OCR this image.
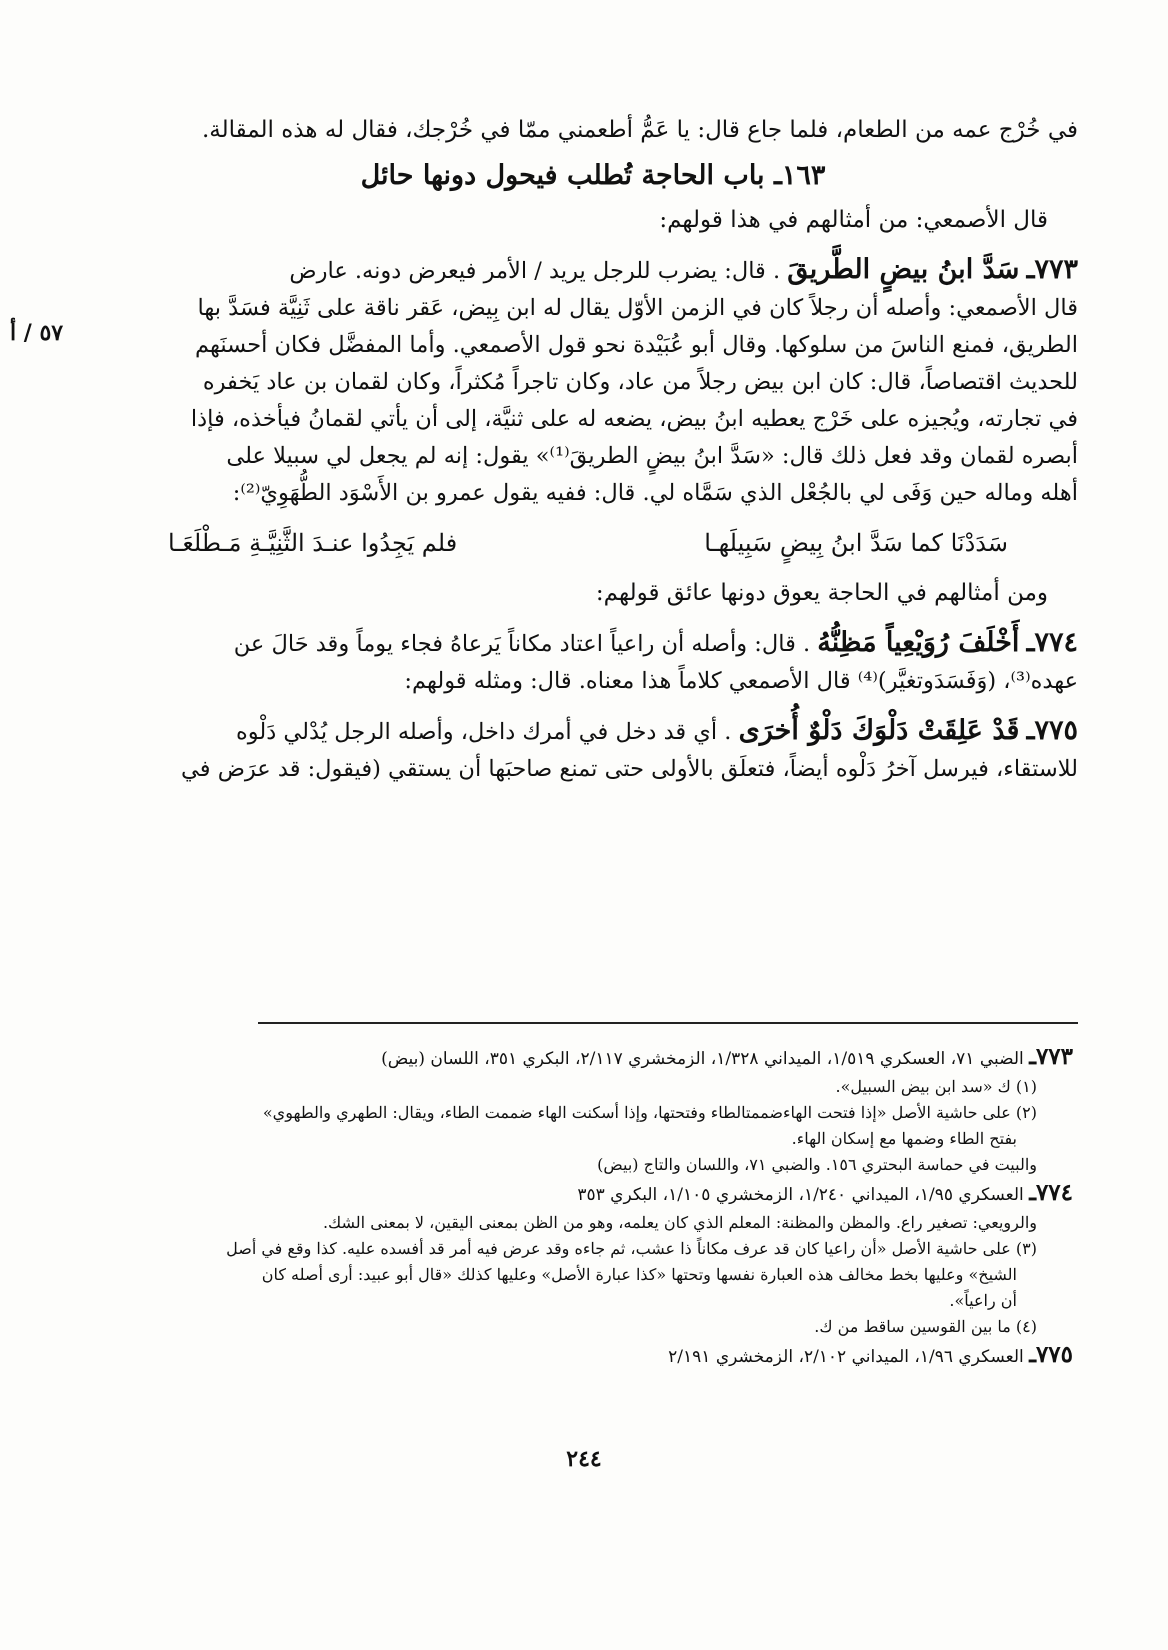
٥٧ / أ
في خُرْج عمه من الطعام، فلما جاع قال: يا عَمُّ أطعمني ممّا في خُرْجك، فقال له هذه المقالة.
١٦٣ـ باب الحاجة تُطلب فيحول دونها حائل
قال الأصمعي: من أمثالهم في هذا قولهم:
٧٧٣ـ سَدَّ ابنُ بيضٍ الطَّريقَ . قال: يضرب للرجل يريد / الأمر فيعرض دونه. عارض
قال الأصمعي: وأصله أن رجلاً كان في الزمن الأوّل يقال له ابن بِيض، عَقر ناقة على ثَنِيَّة فسَدَّ بها
الطريق، فمنع الناسَ من سلوكها. وقال أبو عُبَيْدة نحو قول الأصمعي. وأما المفضَّل فكان أحسنَهم
للحديث اقتصاصاً، قال: كان ابن بيض رجلاً من عاد، وكان تاجراً مُكثراً، وكان لقمان بن عاد يَخفره
في تجارته، ويُجيزه على خَرْج يعطيه ابنُ بيض، يضعه له على ثنيَّة، إلى أن يأتي لقمانُ فيأخذه، فإذا
أبصره لقمان وقد فعل ذلك قال: «سَدَّ ابنُ بيضٍ الطريقَ⁽¹⁾» يقول: إنه لم يجعل لي سبيلا على
أهله وماله حين وَفَى لي بالجُعْل الذي سَمَّاه لي. قال: ففيه يقول عمرو بن الأَسْوَد الطُّهَوِيّ⁽²⁾:
سَدَدْنَا كما سَدَّ ابنُ بِيضٍ سَبِيلَهـا
فلم يَجِدُوا عنـدَ الثَّنِيَّـةِ مَـطْلَعَـا
ومن أمثالهم في الحاجة يعوق دونها عائق قولهم:
٧٧٤ـ أَخْلَفَ رُوَيْعِياً مَظِنُّهُ . قال: وأصله أن راعياً اعتاد مكاناً يَرعاهُ فجاء يوماً وقد حَالَ عن
عهده⁽³⁾، (وَفَسَدَوتغيَّر)⁽⁴⁾ قال الأصمعي كلاماً هذا معناه. قال: ومثله قولهم:
٧٧٥ـ قَدْ عَلِقَتْ دَلْوَكَ دَلْوٌ أُخرَى . أي قد دخل في أمرك داخل، وأصله الرجل يُدْلي دَلْوه
للاستقاء، فيرسل آخرُ دَلْوه أيضاً، فتعلَق بالأولى حتى تمنع صاحبَها أن يستقي (فيقول: قد عرَض في
٧٧٣ـ الضبي ٧١، العسكري ١/٥١٩، الميداني ١/٣٢٨، الزمخشري ٢/١١٧، البكري ٣٥١، اللسان (بيض)
(١) ك «سد ابن بيض السبيل».
(٢) على حاشية الأصل «إذا فتحت الهاءضممتالطاء وفتحتها، وإذا أسكنت الهاء ضممت الطاء، ويقال: الطهري والطهوي»
بفتح الطاء وضمها مع إسكان الهاء.
والبيت في حماسة البحتري ١٥٦. والضبي ٧١، واللسان والتاج (بيض)
٧٧٤ـ العسكري ١/٩٥، الميداني ١/٢٤٠، الزمخشري ١/١٠٥، البكري ٣٥٣
والرويعي: تصغير راع. والمظن والمظنة: المعلم الذي كان يعلمه، وهو من الظن بمعنى اليقين، لا بمعنى الشك.
(٣) على حاشية الأصل «أن راعيا كان قد عرف مكاناً ذا عشب، ثم جاءه وقد عرض فيه أمر قد أفسده عليه. كذا وقع في أصل
الشيخ» وعليها بخط مخالف هذه العبارة نفسها وتحتها «كذا عبارة الأصل» وعليها كذلك «قال أبو عبيد: أرى أصله كان
أن راعياً».
(٤) ما بين القوسين ساقط من ك.
٧٧٥ـ العسكري ١/٩٦، الميداني ٢/١٠٢، الزمخشري ٢/١٩١
٢٤٤
